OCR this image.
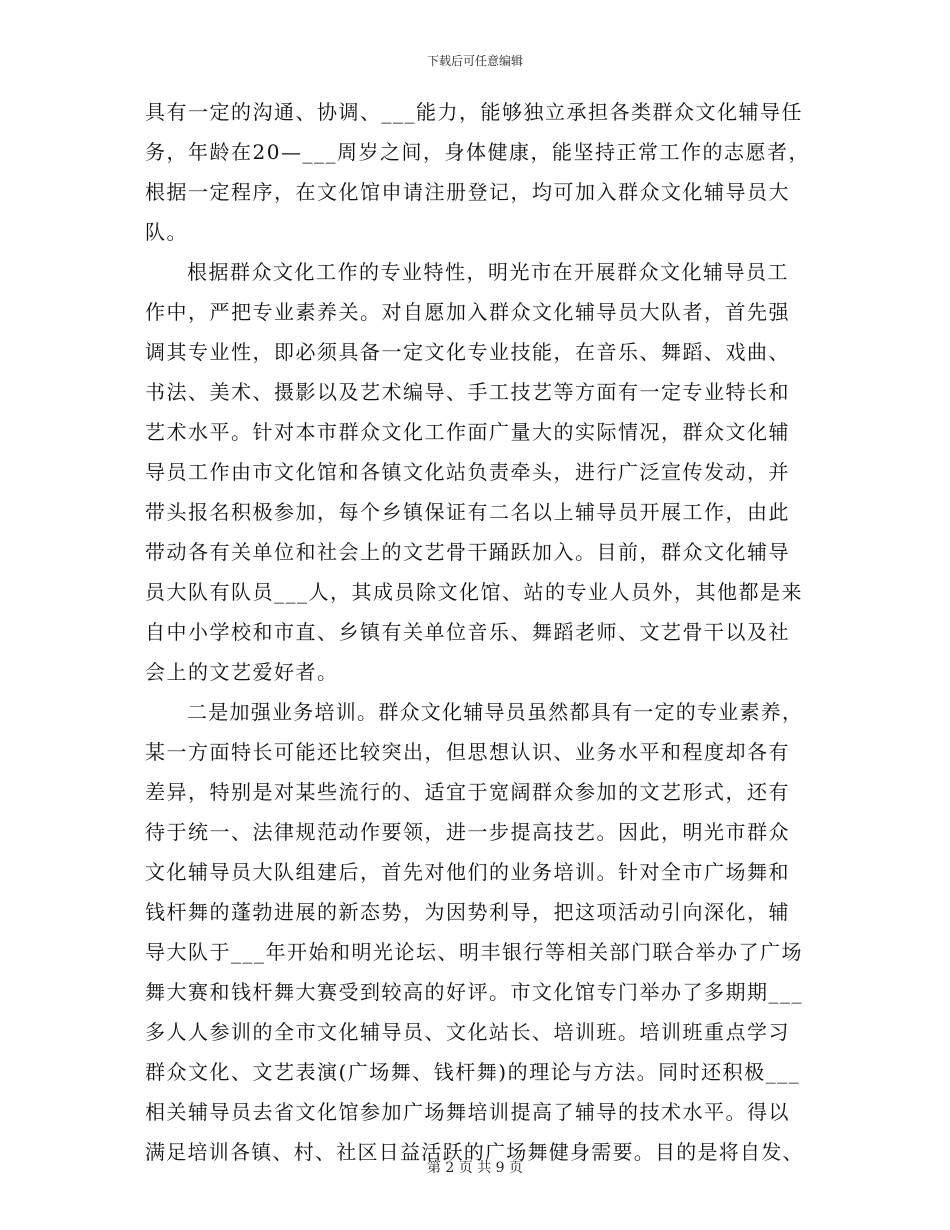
下载后可任意编辑

具有一定的沟通、协调、___能力，能够独立承担各类群众文化辅导任
务，年龄在20—___周岁之间，身体健康，能坚持正常工作的志愿者，
根据一定程序，在文化馆申请注册登记，均可加入群众文化辅导员大
队。

根据群众文化工作的专业特性，明光市在开展群众文化辅导员工
作中，严把专业素养关。对自愿加入群众文化辅导员大队者，首先强
调其专业性，即必须具备一定文化专业技能，在音乐、舞蹈、戏曲、
书法、美术、摄影以及艺术编导、手工技艺等方面有一定专业特长和
艺术水平。针对本市群众文化工作面广量大的实际情况，群众文化辅
导员工作由市文化馆和各镇文化站负责牵头，进行广泛宣传发动，并
带头报名积极参加，每个乡镇保证有二名以上辅导员开展工作，由此
带动各有关单位和社会上的文艺骨干踊跃加入。目前，群众文化辅导
员大队有队员___人，其成员除文化馆、站的专业人员外，其他都是来
自中小学校和市直、乡镇有关单位音乐、舞蹈老师、文艺骨干以及社
会上的文艺爱好者。

二是加强业务培训。群众文化辅导员虽然都具有一定的专业素养，
某一方面特长可能还比较突出，但思想认识、业务水平和程度却各有
差异，特别是对某些流行的、适宜于宽阔群众参加的文艺形式，还有
待于统一、法律规范动作要领，进一步提高技艺。因此，明光市群众
文化辅导员大队组建后，首先对他们的业务培训。针对全市广场舞和
钱杆舞的蓬勃进展的新态势，为因势利导，把这项活动引向深化，辅
导大队于___年开始和明光论坛、明丰银行等相关部门联合举办了广场
舞大赛和钱杆舞大赛受到较高的好评。市文化馆专门举办了多期期___
多人人参训的全市文化辅导员、文化站长、培训班。培训班重点学习
群众文化、文艺表演(广场舞、钱杆舞)的理论与方法。同时还积极___
相关辅导员去省文化馆参加广场舞培训提高了辅导的技术水平。得以
满足培训各镇、村、社区日益活跃的广场舞健身需要。目的是将自发、

第 2 页 共 9 页
